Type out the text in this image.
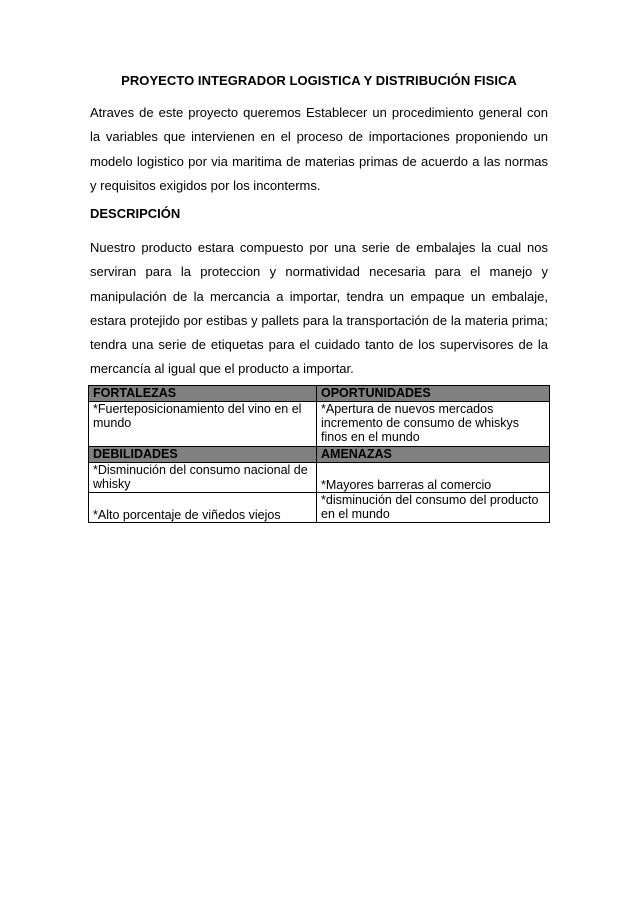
PROYECTO INTEGRADOR LOGISTICA Y DISTRIBUCIÓN FISICA

Atraves de este proyecto queremos Establecer un procedimiento general con la variables que intervienen en el proceso de importaciones proponiendo un modelo logistico por via maritima de materias primas de acuerdo a las normas y requisitos exigidos por los inconterms.

DESCRIPCIÓN

Nuestro producto estara compuesto por una serie de embalajes la cual nos serviran para la proteccion y normatividad necesaria para el manejo y manipulación de la mercancia a importar, tendra un empaque un embalaje, estara protejido por estibas y pallets para la transportación de la materia prima; tendra una serie de etiquetas para el cuidado tanto de los supervisores de la mercancía al igual que el producto a importar.

FORTALEZAS	OPORTUNIDADES

*Fuerteposicionamiento del vino en el mundo	*Apertura de nuevos mercados incremento de consumo de whiskys finos en el mundo

DEBILIDADES	AMENAZAS

*Disminución del consumo nacional de whisky	*Mayores barreras al comercio

*Alto porcentaje de viñedos viejos	*disminución del consumo del producto en el mundo
